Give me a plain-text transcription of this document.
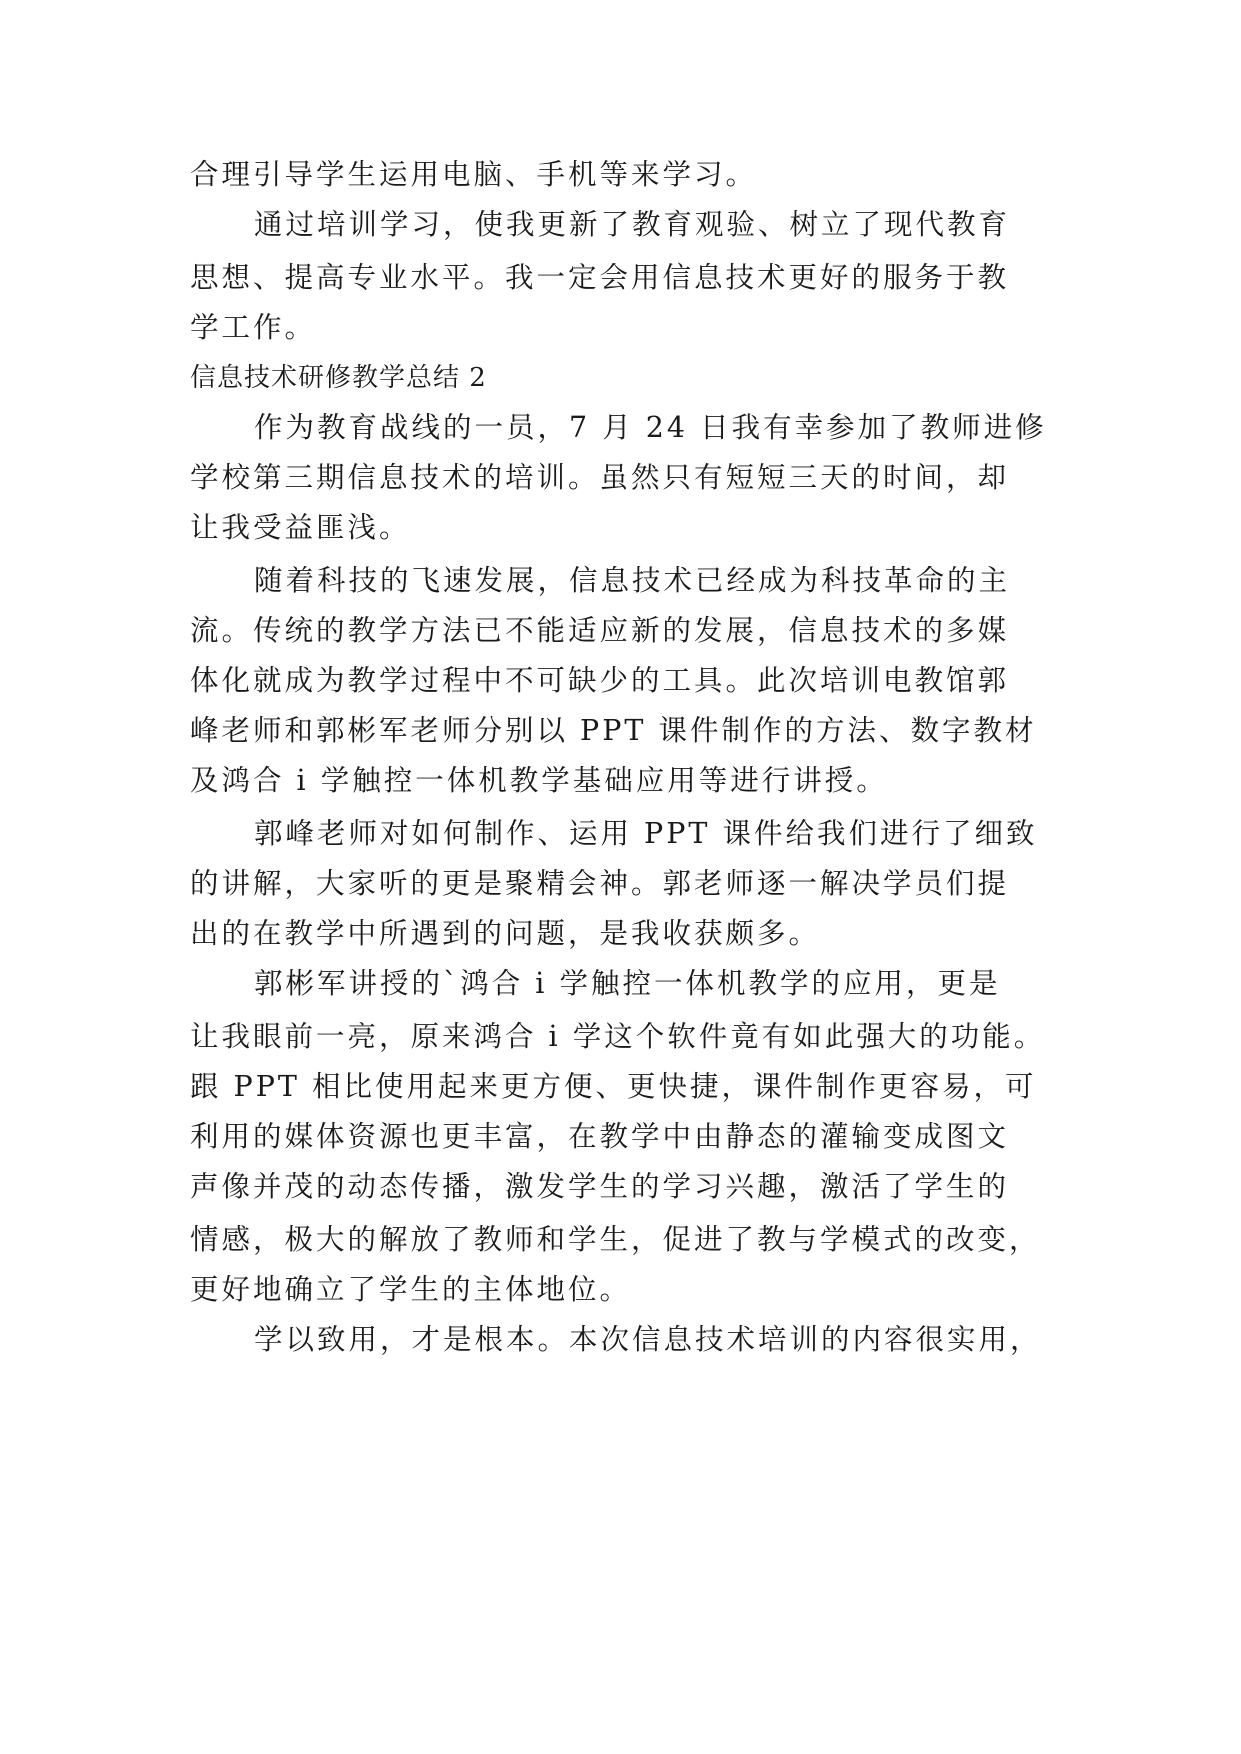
合理引导学生运用电脑、手机等来学习。
通过培训学习，使我更新了教育观验、树立了现代教育
思想、提高专业水平。我一定会用信息技术更好的服务于教
学工作。
信息技术研修教学总结 2
作为教育战线的一员，7 月 24 日我有幸参加了教师进修
学校第三期信息技术的培训。虽然只有短短三天的时间，却
让我受益匪浅。
随着科技的飞速发展，信息技术已经成为科技革命的主
流。传统的教学方法已不能适应新的发展，信息技术的多媒
体化就成为教学过程中不可缺少的工具。此次培训电教馆郭
峰老师和郭彬军老师分别以 PPT 课件制作的方法、数字教材
及鸿合 i 学触控一体机教学基础应用等进行讲授。
郭峰老师对如何制作、运用 PPT 课件给我们进行了细致
的讲解，大家听的更是聚精会神。郭老师逐一解决学员们提
出的在教学中所遇到的问题，是我收获颇多。
郭彬军讲授的`鸿合 i 学触控一体机教学的应用，更是
让我眼前一亮，原来鸿合 i 学这个软件竟有如此强大的功能。
跟 PPT 相比使用起来更方便、更快捷，课件制作更容易，可
利用的媒体资源也更丰富，在教学中由静态的灌输变成图文
声像并茂的动态传播，激发学生的学习兴趣，激活了学生的
情感，极大的解放了教师和学生，促进了教与学模式的改变，
更好地确立了学生的主体地位。
学以致用，才是根本。本次信息技术培训的内容很实用，
